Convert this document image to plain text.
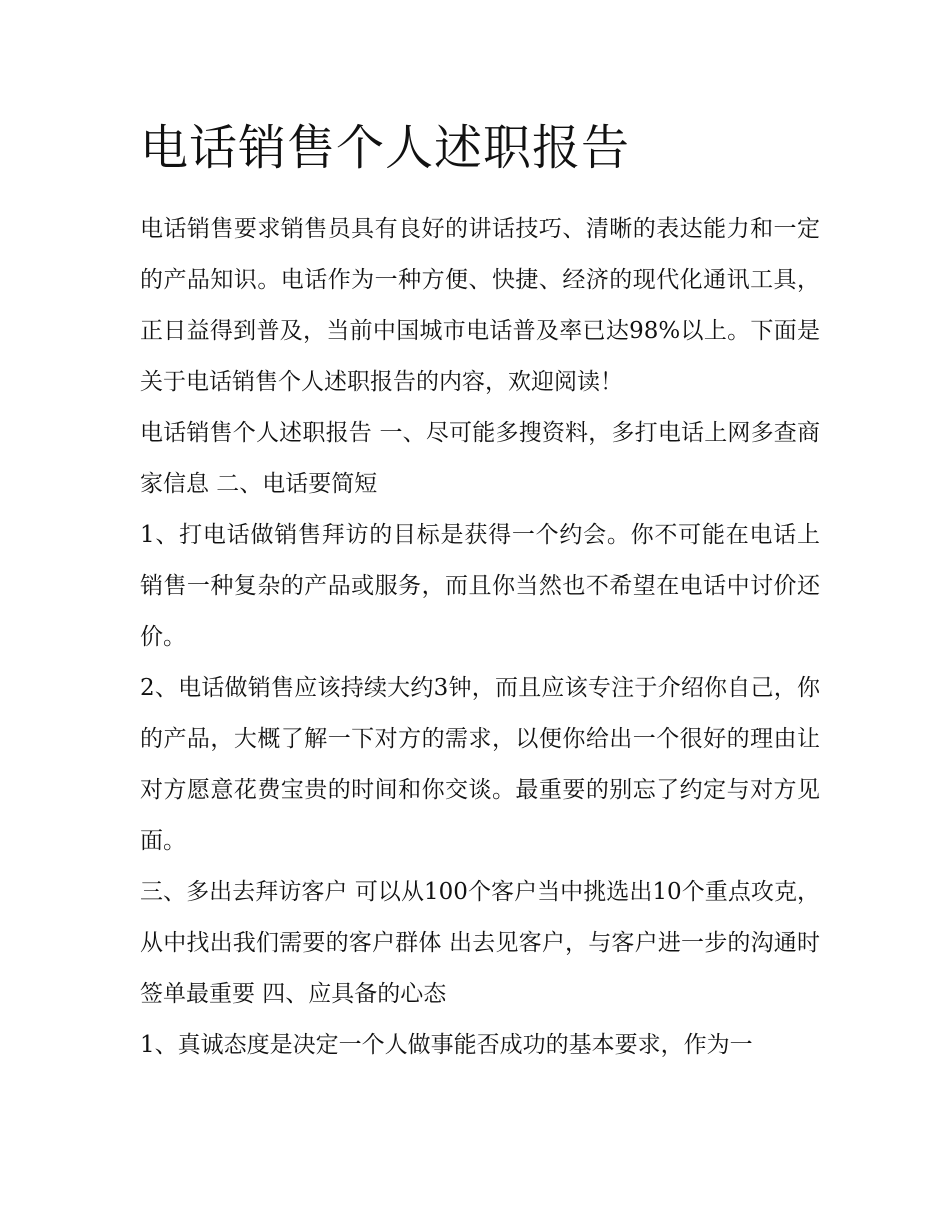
电话销售个人述职报告

电话销售要求销售员具有良好的讲话技巧、清晰的表达能力和一定的产品知识。电话作为一种方便、快捷、经济的现代化通讯工具，正日益得到普及，当前中国城市电话普及率已达98%以上。下面是关于电话销售个人述职报告的内容，欢迎阅读！

电话销售个人述职报告 一、尽可能多搜资料，多打电话上网多查商家信息 二、电话要简短

1、打电话做销售拜访的目标是获得一个约会。你不可能在电话上销售一种复杂的产品或服务，而且你当然也不希望在电话中讨价还价。

2、电话做销售应该持续大约3钟，而且应该专注于介绍你自己，你的产品，大概了解一下对方的需求，以便你给出一个很好的理由让对方愿意花费宝贵的时间和你交谈。最重要的别忘了约定与对方见面。

三、多出去拜访客户 可以从100个客户当中挑选出10个重点攻克，从中找出我们需要的客户群体 出去见客户，与客户进一步的沟通时签单最重要 四、应具备的心态

1、真诚态度是决定一个人做事能否成功的基本要求，作为一
